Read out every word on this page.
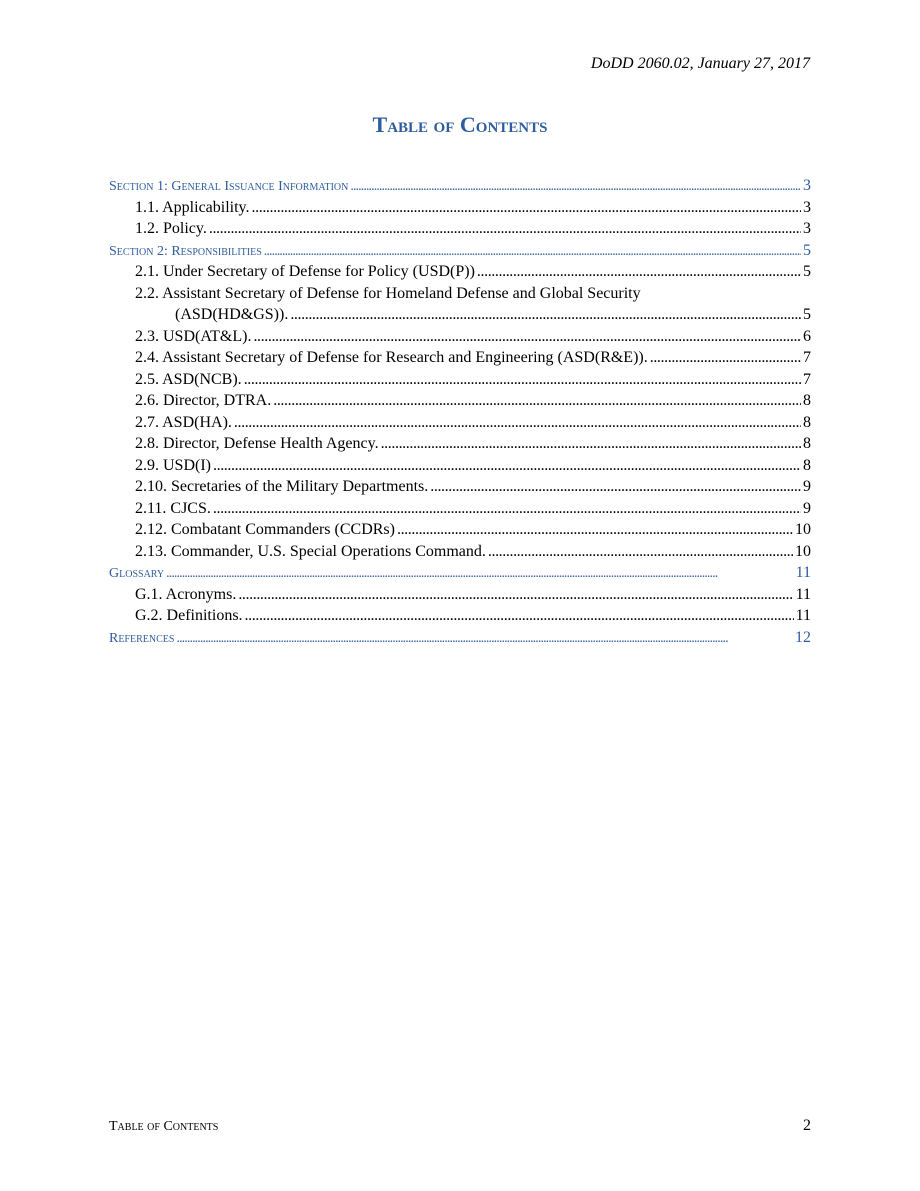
DoDD 2060.02, January 27, 2017
Table of Contents
Section 1: General Issuance Information . . .	3
1.1. Applicability. . . .	3
1.2. Policy. . . .	3
Section 2: Responsibilities . . .	5
2.1. Under Secretary of Defense for Policy (USD(P)) . . .	5
2.2. Assistant Secretary of Defense for Homeland Defense and Global Security
(ASD(HD&GS)). . . .	5
2.3. USD(AT&L). . . .	6
2.4. Assistant Secretary of Defense for Research and Engineering (ASD(R&E)). . . .	7
2.5. ASD(NCB). . . .	7
2.6. Director, DTRA. . . .	8
2.7. ASD(HA). . . .	8
2.8. Director, Defense Health Agency. . . .	8
2.9. USD(I) . . .	8
2.10. Secretaries of the Military Departments. . . .	9
2.11. CJCS. . . .	9
2.12. Combatant Commanders (CCDRs) . . .	10
2.13. Commander, U.S. Special Operations Command. . . .	10
Glossary . . .	11
G.1. Acronyms. . . .	11
G.2. Definitions. . . .	11
References . . .	12
Table of Contents	2
